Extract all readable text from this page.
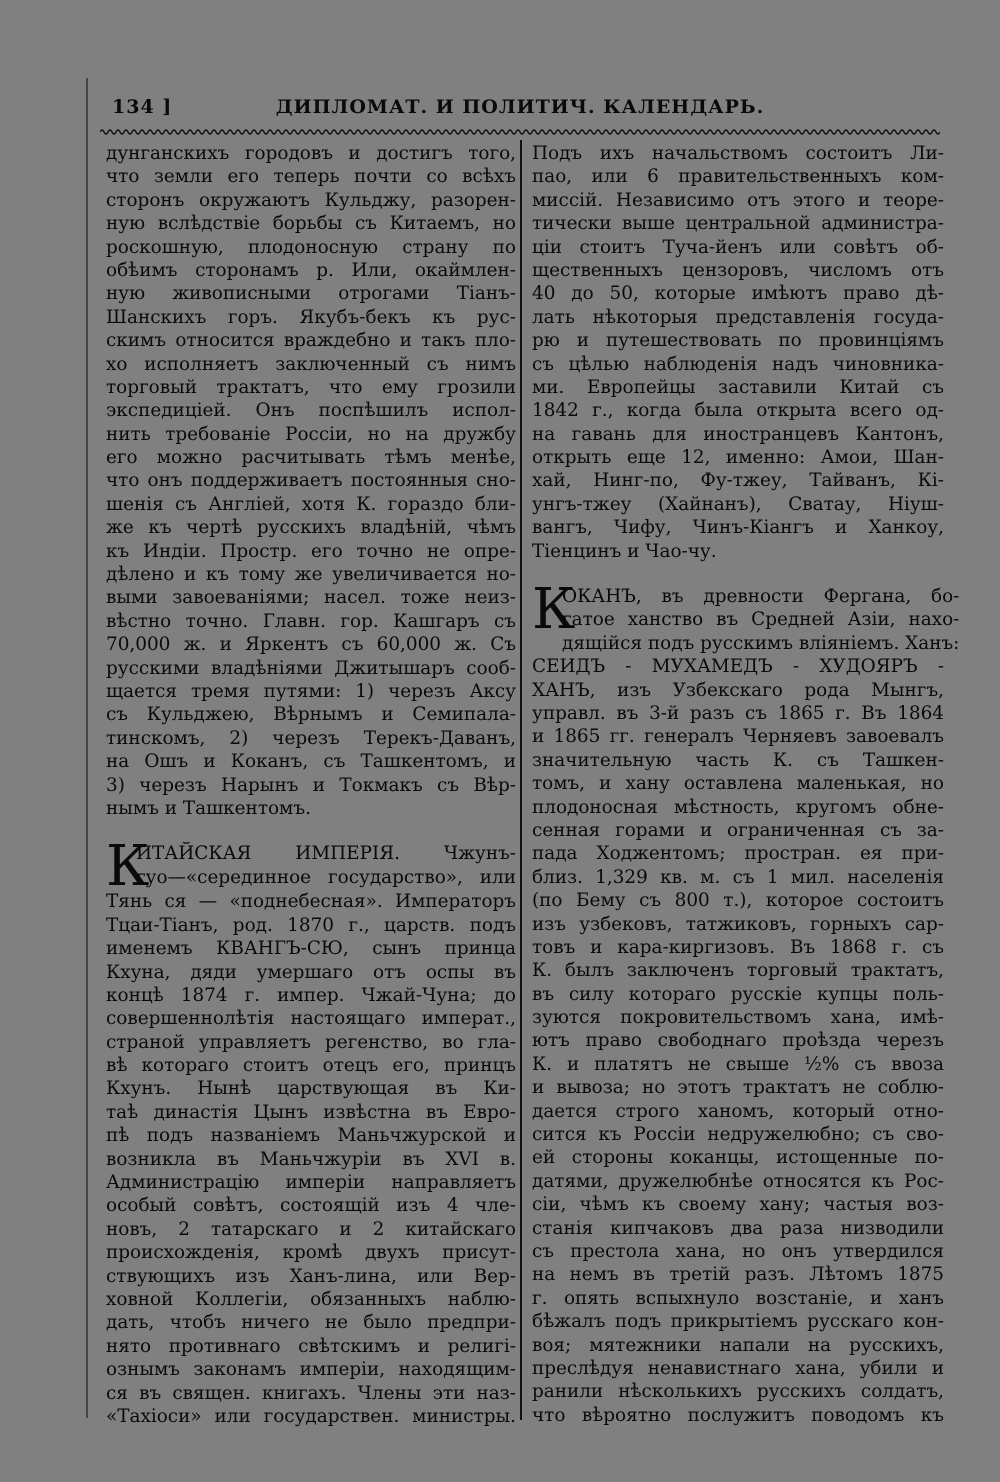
134 ]	ДИПЛОМАТ. И ПОЛИТИЧ. КАЛЕНДАРЬ.
дунганскихъ городовъ и достигъ того,
что земли его теперь почти со всѣхъ
сторонъ окружаютъ Кульджу, разорен-
ную вслѣдствіе борьбы съ Китаемъ, но
роскошную, плодоносную страну по
обѣимъ сторонамъ р. Или, окаймлен-
ную живописными отрогами Тіанъ-
Шанскихъ горъ. Якубъ-бекъ къ рус-
скимъ относится враждебно и такъ пло-
хо исполняетъ заключенный съ нимъ
торговый трактатъ, что ему грозили
экспедиціей. Онъ поспѣшилъ испол-
нить требованіе Россіи, но на дружбу
его можно расчитывать тѣмъ менѣе,
что онъ поддерживаетъ постоянныя сно-
шенія съ Англіей, хотя К. гораздо бли-
же къ чертѣ русскихъ владѣній, чѣмъ
къ Индіи. Простр. его точно не опре-
дѣлено и къ тому же увеличивается но-
выми завоеваніями; насел. тоже неиз-
вѣстно точно. Главн. гор. Кашгаръ съ
70,000 ж. и Яркентъ съ 60,000 ж. Съ
русскими владѣніями Джитышаръ сооб-
щается тремя путями: 1) черезъ Аксу
съ Кульджею, Вѣрнымъ и Семипала-
тинскомъ, 2) черезъ Терекъ-Даванъ,
на Ошъ и Коканъ, съ Ташкентомъ, и
3) черезъ Нарынъ и Токмакъ съ Вѣр-
нымъ и Ташкентомъ.
К
ИТАЙСКАЯ ИМПЕРІЯ. Чжунъ-
гуо—«серединное государство», или
Тянь ся — «поднебесная». Императоръ
Тцаи-Тіанъ, род. 1870 г., царств. подъ
именемъ КВАНГЪ-СЮ, сынъ принца
Кхуна, дяди умершаго отъ оспы въ
концѣ 1874 г. импер. Чжай-Чуна; до
совершеннолѣтія настоящаго императ.,
страной управляетъ регенство, во гла-
вѣ котораго стоитъ отецъ его, принцъ
Кхунъ. Нынѣ царствующая въ Ки-
таѣ династія Цынъ извѣстна въ Евро-
пѣ подъ названіемъ Маньчжурской и
возникла въ Маньчжуріи въ XVI в.
Администрацію имперіи направляетъ
особый совѣтъ, состоящій изъ 4 чле-
новъ, 2 татарскаго и 2 китайскаго
происхожденія, кромѣ двухъ присут-
ствующихъ изъ Ханъ-лина, или Вер-
ховной Коллегіи, обязанныхъ наблю-
дать, чтобъ ничего не было предпри-
нято противнаго свѣтскимъ и религі-
ознымъ законамъ имперіи, находящим-
ся въ священ. книгахъ. Члены эти наз-
«Тахіоси» или государствен. министры.
Подъ ихъ начальствомъ состоитъ Ли-
пао, или 6 правительственныхъ ком-
миссій. Независимо отъ этого и теоре-
тически выше центральной администра-
ціи стоитъ Туча-йенъ или совѣтъ об-
щественныхъ цензоровъ, числомъ отъ
40 до 50, которые имѣютъ право дѣ-
лать нѣкоторыя представленія госуда-
рю и путешествовать по провинціямъ
съ цѣлью наблюденія надъ чиновника-
ми. Европейцы заставили Китай съ
1842 г., когда была открыта всего од-
на гавань для иностранцевъ Кантонъ,
открыть еще 12, именно: Амои, Шан-
хай, Нинг-по, Фу-тжеу, Тайванъ, Кі-
унгъ-тжеу (Хайнанъ), Сватау, Ніуш-
вангъ, Чифу, Чинъ-Кіангъ и Ханкоу,
Тіенцинъ и Чао-чу.
К
ОКАНЪ, въ древности Фергана, бо-
гатое ханство въ Средней Азіи, нахо-
дящійся подъ русскимъ вліяніемъ. Ханъ:
СЕИДЪ - МУХАМЕДЪ - ХУДОЯРЪ -
ХАНЪ, изъ Узбекскаго рода Мынгъ,
управл. въ 3-й разъ съ 1865 г. Въ 1864
и 1865 гг. генералъ Черняевъ завоевалъ
значительную часть К. съ Ташкен-
томъ, и хану оставлена маленькая, но
плодоносная мѣстность, кругомъ обне-
сенная горами и ограниченная съ за-
пада Ходжентомъ; простран. ея при-
близ. 1,329 кв. м. съ 1 мил. населенія
(по Бему съ 800 т.), которое состоитъ
изъ узбековъ, татжиковъ, горныхъ сар-
товъ и кара-киргизовъ. Въ 1868 г. съ
К. былъ заключенъ торговый трактатъ,
въ силу котораго русскіе купцы поль-
зуются покровительствомъ хана, имѣ-
ютъ право свободнаго проѣзда черезъ
К. и платятъ не свыше ½% съ ввоза
и вывоза; но этотъ трактатъ не соблю-
дается строго ханомъ, который отно-
сится къ Россіи недружелюбно; съ сво-
ей стороны коканцы, истощенные по-
датями, дружелюбнѣе относятся къ Рос-
сіи, чѣмъ къ своему хану; частыя воз-
станія кипчаковъ два раза низводили
съ престола хана, но онъ утвердился
на немъ въ третій разъ. Лѣтомъ 1875
г. опять вспыхнуло возстаніе, и ханъ
бѣжалъ подъ прикрытіемъ русскаго кон-
воя; мятежники напали на русскихъ,
преслѣдуя ненавистнаго хана, убили и
ранили нѣсколькихъ русскихъ солдатъ,
что вѣроятно послужитъ поводомъ къ
